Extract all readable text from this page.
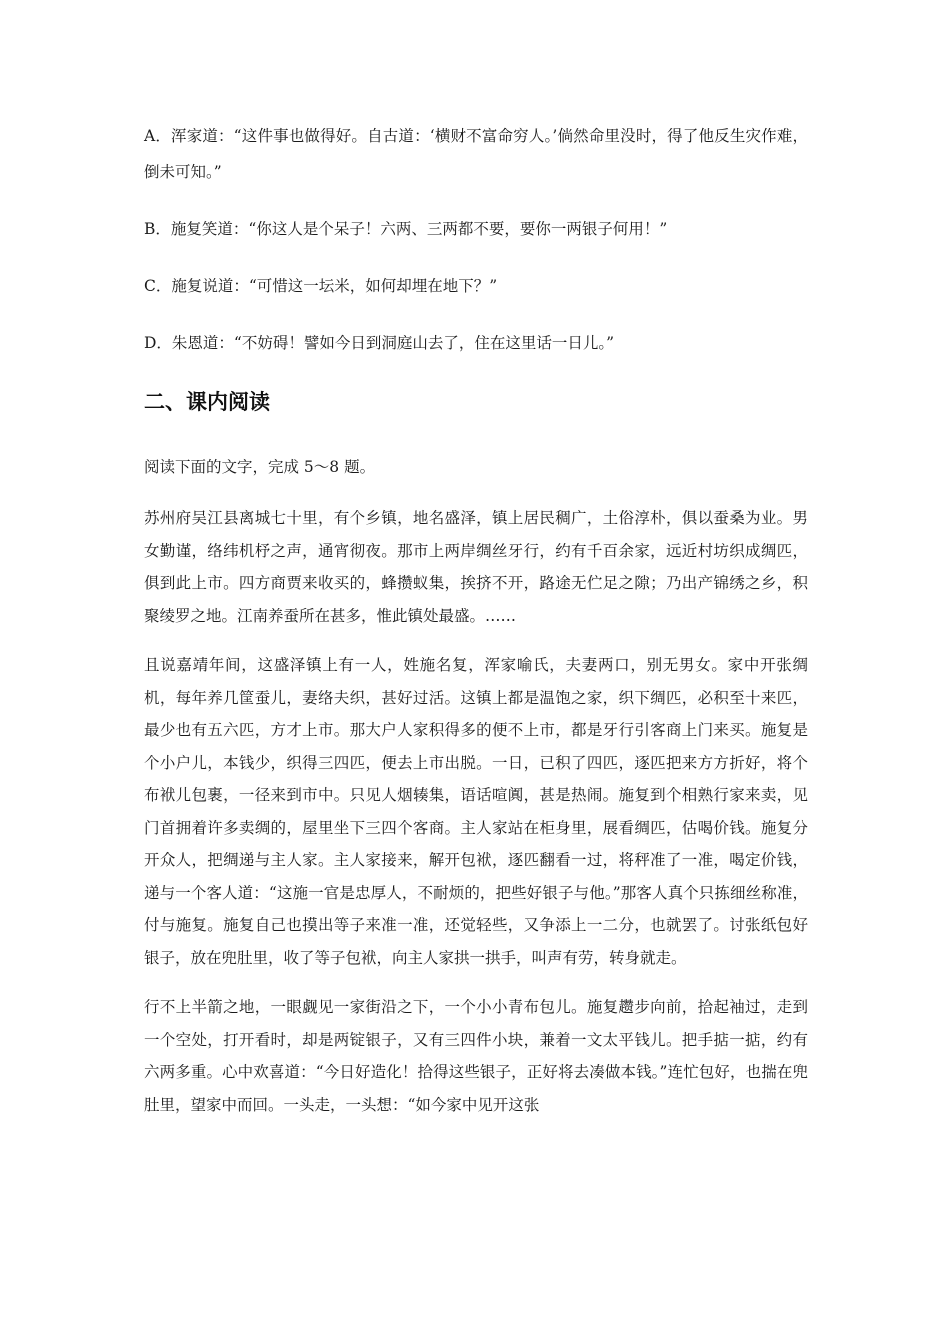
A．浑家道：“这件事也做得好。自古道：‘横财不富命穷人。’倘然命里没时，得了他反生灾作难，倒未可知。”

B．施复笑道：“你这人是个呆子！六两、三两都不要，要你一两银子何用！”

C．施复说道：“可惜这一坛米，如何却埋在地下？”

D．朱恩道：“不妨碍！譬如今日到洞庭山去了，住在这里话一日儿。”

二、课内阅读

阅读下面的文字，完成 5～8 题。

苏州府吴江县离城七十里，有个乡镇，地名盛泽，镇上居民稠广，土俗淳朴，俱以蚕桑为业。男女勤谨，络纬机杼之声，通宵彻夜。那市上两岸绸丝牙行，约有千百余家，远近村坊织成绸匹，俱到此上市。四方商贾来收买的，蜂攒蚁集，挨挤不开，路途无伫足之隙；乃出产锦绣之乡，积聚绫罗之地。江南养蚕所在甚多，惟此镇处最盛。……

且说嘉靖年间，这盛泽镇上有一人，姓施名复，浑家喻氏，夫妻两口，别无男女。家中开张绸机，每年养几筐蚕儿，妻络夫织，甚好过活。这镇上都是温饱之家，织下绸匹，必积至十来匹，最少也有五六匹，方才上市。那大户人家积得多的便不上市，都是牙行引客商上门来买。施复是个小户儿，本钱少，织得三四匹，便去上市出脱。一日，已积了四匹，逐匹把来方方折好，将个布袱儿包裹，一径来到市中。只见人烟辏集，语话喧阗，甚是热闹。施复到个相熟行家来卖，见门首拥着许多卖绸的，屋里坐下三四个客商。主人家站在柜身里，展看绸匹，估喝价钱。施复分开众人，把绸递与主人家。主人家接来，解开包袱，逐匹翻看一过，将秤准了一准，喝定价钱，递与一个客人道：“这施一官是忠厚人，不耐烦的，把些好银子与他。”那客人真个只拣细丝称准，付与施复。施复自己也摸出等子来准一准，还觉轻些，又争添上一二分，也就罢了。讨张纸包好银子，放在兜肚里，收了等子包袱，向主人家拱一拱手，叫声有劳，转身就走。

行不上半箭之地，一眼觑见一家街沿之下，一个小小青布包儿。施复趱步向前，拾起袖过，走到一个空处，打开看时，却是两锭银子，又有三四件小块，兼着一文太平钱儿。把手掂一掂，约有六两多重。心中欢喜道：“今日好造化！拾得这些银子，正好将去凑做本钱。”连忙包好，也揣在兜肚里，望家中而回。一头走，一头想：“如今家中见开这张
